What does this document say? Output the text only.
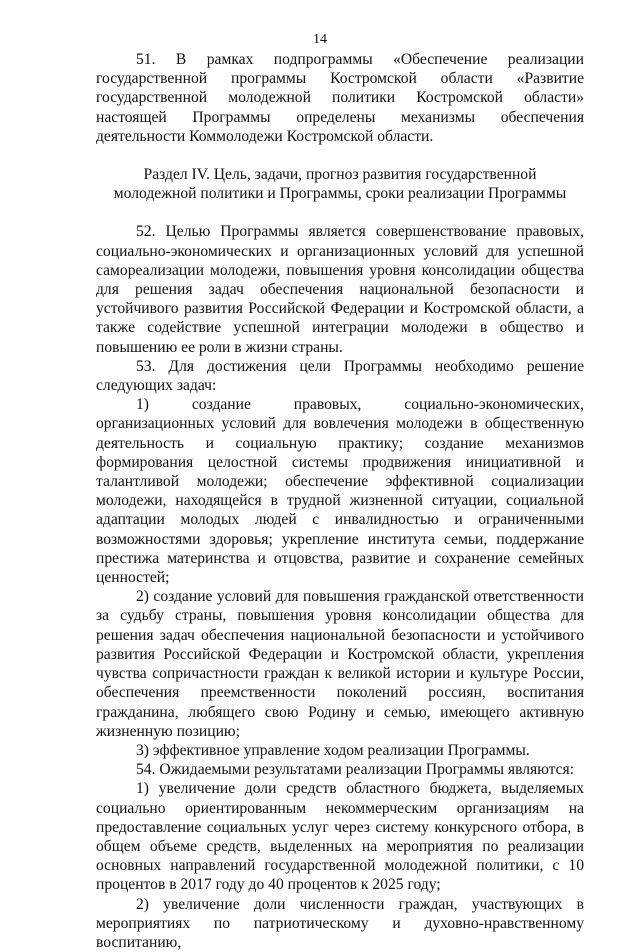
14

51. В рамках подпрограммы «Обеспечение реализации государственной программы Костромской области «Развитие государственной молодежной политики Костромской области» настоящей Программы определены механизмы обеспечения деятельности Коммолодежи Костромской области.

Раздел IV. Цель, задачи, прогноз развития государственной
молодежной политики и Программы, сроки реализации Программы

52. Целью Программы является совершенствование правовых, социально-экономических и организационных условий для успешной самореализации молодежи, повышения уровня консолидации общества для решения задач обеспечения национальной безопасности и устойчивого развития Российской Федерации и Костромской области, а также содействие успешной интеграции молодежи в общество и повышению ее роли в жизни страны.

53. Для достижения цели Программы необходимо решение следующих задач:

1) создание правовых, социально-экономических, организационных условий для вовлечения молодежи в общественную деятельность и социальную практику; создание механизмов формирования целостной системы продвижения инициативной и талантливой молодежи; обеспечение эффективной социализации молодежи, находящейся в трудной жизненной ситуации, социальной адаптации молодых людей с инвалидностью и ограниченными возможностями здоровья; укрепление института семьи, поддержание престижа материнства и отцовства, развитие и сохранение семейных ценностей;

2) создание условий для повышения гражданской ответственности за судьбу страны, повышения уровня консолидации общества для решения задач обеспечения национальной безопасности и устойчивого развития Российской Федерации и Костромской области, укрепления чувства сопричастности граждан к великой истории и культуре России, обеспечения преемственности поколений россиян, воспитания гражданина, любящего свою Родину и семью, имеющего активную жизненную позицию;

3) эффективное управление ходом реализации Программы.

54. Ожидаемыми результатами реализации Программы являются:

1) увеличение доли средств областного бюджета, выделяемых социально ориентированным некоммерческим организациям на предоставление социальных услуг через систему конкурсного отбора, в общем объеме средств, выделенных на мероприятия по реализации основных направлений государственной молодежной политики, с 10 процентов в 2017 году до 40 процентов к 2025 году;

2) увеличение доли численности граждан, участвующих в мероприятиях по патриотическому и духовно-нравственному воспитанию,
